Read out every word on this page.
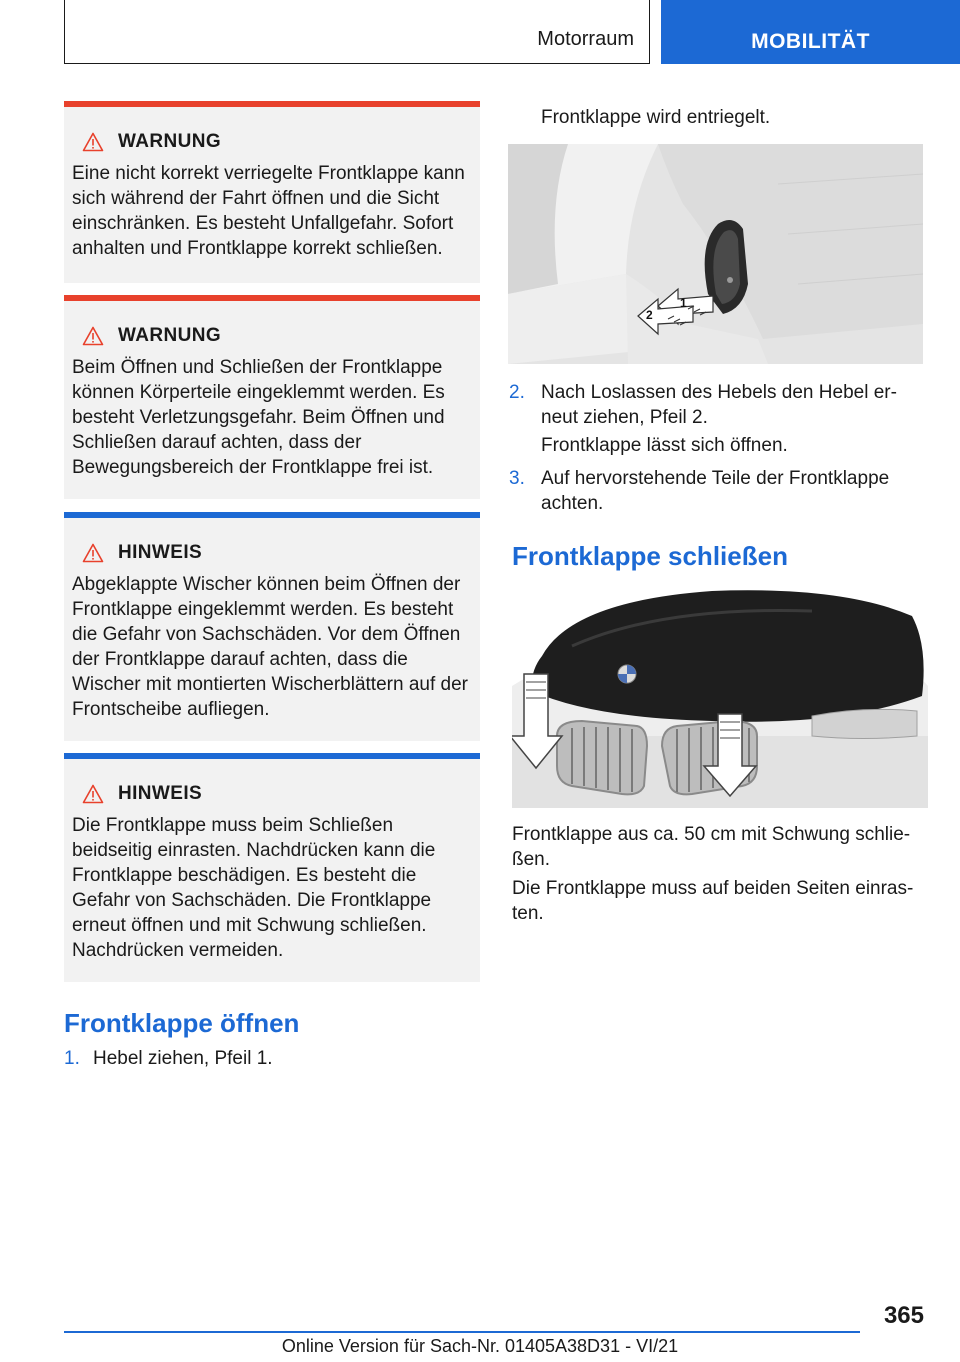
Motorraum	MOBILITÄT
WARNUNG
Eine nicht korrekt verriegelte Frontklappe kann sich während der Fahrt öffnen und die Sicht einschränken. Es besteht Unfallgefahr. Sofort anhalten und Frontklappe korrekt schließen.
WARNUNG
Beim Öffnen und Schließen der Frontklappe können Körperteile eingeklemmt werden. Es besteht Verletzungsgefahr. Beim Öffnen und Schließen darauf achten, dass der Bewegungsbereich der Frontklappe frei ist.
HINWEIS
Abgeklappte Wischer können beim Öffnen der Frontklappe eingeklemmt werden. Es besteht die Gefahr von Sachschäden. Vor dem Öffnen der Frontklappe darauf achten, dass die Wischer mit montierten Wischerblättern auf der Frontscheibe aufliegen.
HINWEIS
Die Frontklappe muss beim Schließen beidseitig einrasten. Nachdrücken kann die Frontklappe beschädigen. Es besteht die Gefahr von Sachschäden. Die Frontklappe erneut öffnen und mit Schwung schließen. Nachdrücken vermeiden.
Frontklappe öffnen
1. Hebel ziehen, Pfeil 1.
Frontklappe wird entriegelt.
1
2
2. Nach Loslassen des Hebels den Hebel er-
neut ziehen, Pfeil 2.
Frontklappe lässt sich öffnen.
3. Auf hervorstehende Teile der Frontklappe
achten.
Frontklappe schließen
Frontklappe aus ca. 50 cm mit Schwung schlie-
ßen.
Die Frontklappe muss auf beiden Seiten einras-
ten.
365
Online Version für Sach-Nr. 01405A38D31 - VI/21
